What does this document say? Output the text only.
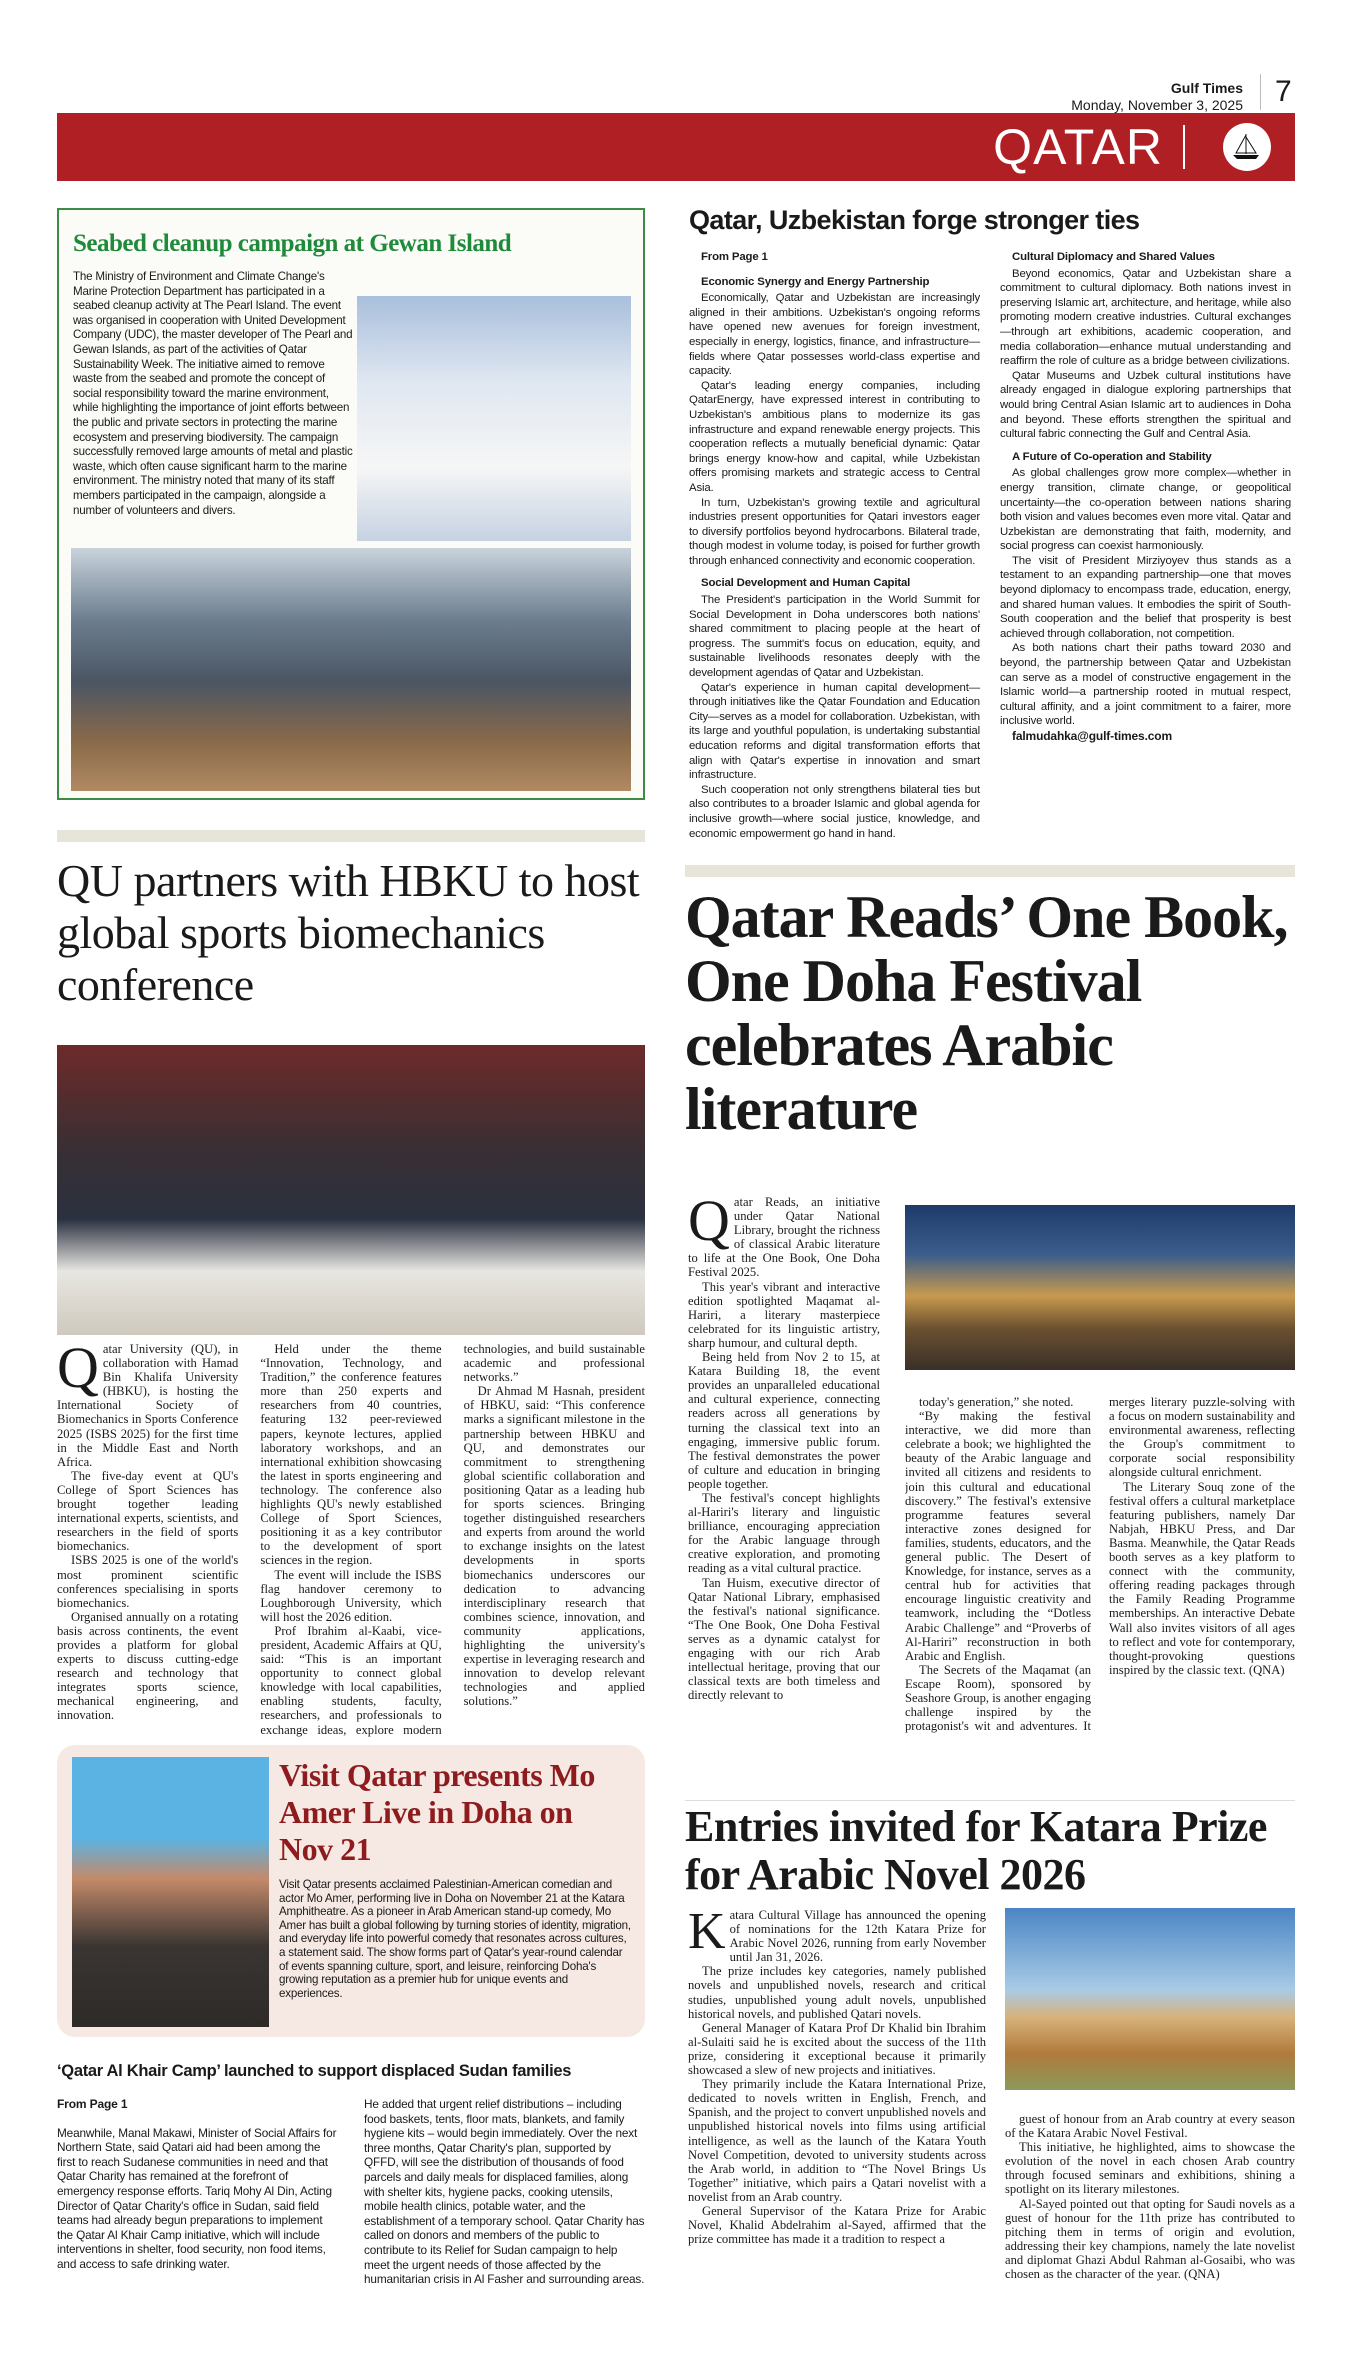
Gulf Times
Monday, November 3, 2025	7
QATAR
Seabed cleanup campaign at Gewan Island

The Ministry of Environment and Climate Change's Marine Protection Department has participated in a seabed cleanup activity at The Pearl Island. The event was organised in cooperation with United Development Company (UDC), the master developer of The Pearl and Gewan Islands, as part of the activities of Qatar Sustainability Week. The initiative aimed to remove waste from the seabed and promote the concept of social responsibility toward the marine environment, while highlighting the importance of joint efforts between the public and private sectors in protecting the marine ecosystem and preserving biodiversity. The campaign successfully removed large amounts of metal and plastic waste, which often cause significant harm to the marine environment. The ministry noted that many of its staff members participated in the campaign, alongside a number of volunteers and divers.

Qatar, Uzbekistan forge stronger ties
From Page 1
Economic Synergy and Energy Partnership

Economically, Qatar and Uzbekistan are increasingly aligned in their ambitions. Uzbekistan's ongoing reforms have opened new avenues for foreign investment, especially in energy, logistics, finance, and infrastructure—fields where Qatar possesses world-class expertise and capacity.

Qatar's leading energy companies, including QatarEnergy, have expressed interest in contributing to Uzbekistan's ambitious plans to modernize its gas infrastructure and expand renewable energy projects. This cooperation reflects a mutually beneficial dynamic: Qatar brings energy know-how and capital, while Uzbekistan offers promising markets and strategic access to Central Asia.

In turn, Uzbekistan's growing textile and agricultural industries present opportunities for Qatari investors eager to diversify portfolios beyond hydrocarbons. Bilateral trade, though modest in volume today, is poised for further growth through enhanced connectivity and economic cooperation.

Social Development and Human Capital

The President's participation in the World Summit for Social Development in Doha underscores both nations' shared commitment to placing people at the heart of progress. The summit's focus on education, equity, and sustainable livelihoods resonates deeply with the development agendas of Qatar and Uzbekistan.

Qatar's experience in human capital development—through initiatives like the Qatar Foundation and Education City—serves as a model for collaboration. Uzbekistan, with its large and youthful population, is undertaking substantial education reforms and digital transformation efforts that align with Qatar's expertise in innovation and smart infrastructure.

Such cooperation not only strengthens bilateral ties but also contributes to a broader Islamic and global agenda for inclusive growth—where social justice, knowledge, and economic empowerment go hand in hand.

Cultural Diplomacy and Shared Values

Beyond economics, Qatar and Uzbekistan share a commitment to cultural diplomacy. Both nations invest in preserving Islamic art, architecture, and heritage, while also promoting modern creative industries. Cultural exchanges—through art exhibitions, academic cooperation, and media collaboration—enhance mutual understanding and reaffirm the role of culture as a bridge between civilizations.

Qatar Museums and Uzbek cultural institutions have already engaged in dialogue exploring partnerships that would bring Central Asian Islamic art to audiences in Doha and beyond. These efforts strengthen the spiritual and cultural fabric connecting the Gulf and Central Asia.

A Future of Co-operation and Stability

As global challenges grow more complex—whether in energy transition, climate change, or geopolitical uncertainty—the co-operation between nations sharing both vision and values becomes even more vital. Qatar and Uzbekistan are demonstrating that faith, modernity, and social progress can coexist harmoniously.

The visit of President Mirziyoyev thus stands as a testament to an expanding partnership—one that moves beyond diplomacy to encompass trade, education, energy, and shared human values. It embodies the spirit of South-South cooperation and the belief that prosperity is best achieved through collaboration, not competition.

As both nations chart their paths toward 2030 and beyond, the partnership between Qatar and Uzbekistan can serve as a model of constructive engagement in the Islamic world—a partnership rooted in mutual respect, cultural affinity, and a joint commitment to a fairer, more inclusive world.

falmudahka@gulf-times.com
QU partners with HBKU to host global sports biomechanics conference

Qatar University (QU), in collaboration with Hamad Bin Khalifa University (HBKU), is hosting the International Society of Biomechanics in Sports Conference 2025 (ISBS 2025) for the first time in the Middle East and North Africa.

The five-day event at QU's College of Sport Sciences has brought together leading international experts, scientists, and researchers in the field of sports biomechanics.

ISBS 2025 is one of the world's most prominent scientific conferences specialising in sports biomechanics.

Organised annually on a rotating basis across continents, the event provides a platform for global experts to discuss cutting-edge research and technology that integrates sports science, mechanical engineering, and innovation.

Held under the theme “Innovation, Technology, and Tradition,” the conference features more than 250 experts and researchers from 40 countries, featuring 132 peer-reviewed papers, keynote lectures, applied laboratory workshops, and an international exhibition showcasing the latest in sports engineering and technology. The conference also highlights QU's newly established College of Sport Sciences, positioning it as a key contributor to the development of sport sciences in the region.

The event will include the ISBS flag handover ceremony to Loughborough University, which will host the 2026 edition.

Prof Ibrahim al-Kaabi, vice-president, Academic Affairs at QU, said: “This is an important opportunity to connect global knowledge with local capabilities, enabling students, faculty, researchers, and professionals to exchange ideas, explore modern technologies, and build sustainable academic and professional networks.”

Dr Ahmad M Hasnah, president of HBKU, said: “This conference marks a significant milestone in the partnership between HBKU and QU, and demonstrates our commitment to strengthening global scientific collaboration and positioning Qatar as a leading hub for sports sciences. Bringing together distinguished researchers and experts from around the world to exchange insights on the latest developments in sports biomechanics underscores our dedication to advancing interdisciplinary research that combines science, innovation, and community applications, highlighting the university's expertise in leveraging research and innovation to develop relevant technologies and applied solutions.”

Visit Qatar presents Mo Amer Live in Doha on Nov 21

Visit Qatar presents acclaimed Palestinian-American comedian and actor Mo Amer, performing live in Doha on November 21 at the Katara Amphitheatre. As a pioneer in Arab American stand-up comedy, Mo Amer has built a global following by turning stories of identity, migration, and everyday life into powerful comedy that resonates across cultures, a statement said. The show forms part of Qatar's year-round calendar of events spanning culture, sport, and leisure, reinforcing Doha's growing reputation as a premier hub for unique events and experiences.

‘Qatar Al Khair Camp’ launched to support displaced Sudan families
From Page 1

Meanwhile, Manal Makawi, Minister of Social Affairs for Northern State, said Qatari aid had been among the first to reach Sudanese communities in need and that Qatar Charity has remained at the forefront of emergency response efforts. Tariq Mohy Al Din, Acting Director of Qatar Charity's office in Sudan, said field teams had already begun preparations to implement the Qatar Al Khair Camp initiative, which will include interventions in shelter, food security, non food items, and access to safe drinking water.

He added that urgent relief distributions – including food baskets, tents, floor mats, blankets, and family hygiene kits – would begin immediately. Over the next three months, Qatar Charity's plan, supported by QFFD, will see the distribution of thousands of food parcels and daily meals for displaced families, along with shelter kits, hygiene packs, cooking utensils, mobile health clinics, potable water, and the establishment of a temporary school. Qatar Charity has called on donors and members of the public to contribute to its Relief for Sudan campaign to help meet the urgent needs of those affected by the humanitarian crisis in Al Fasher and surrounding areas.

Qatar Reads’ One Book, One Doha Festival celebrates Arabic literature

Qatar Reads, an initiative under Qatar National Library, brought the richness of classical Arabic literature to life at the One Book, One Doha Festival 2025.

This year's vibrant and interactive edition spotlighted Maqamat al-Hariri, a literary masterpiece celebrated for its linguistic artistry, sharp humour, and cultural depth.

Being held from Nov 2 to 15, at Katara Building 18, the event provides an unparalleled educational and cultural experience, connecting readers across all generations by turning the classical text into an engaging, immersive public forum. The festival demonstrates the power of culture and education in bringing people together.

The festival's concept highlights al-Hariri's literary and linguistic brilliance, encouraging appreciation for the Arabic language through creative exploration, and promoting reading as a vital cultural practice.

Tan Huism, executive director of Qatar National Library, emphasised the festival's national significance. “The One Book, One Doha Festival serves as a dynamic catalyst for engaging with our rich Arab intellectual heritage, proving that our classical texts are both timeless and directly relevant to

today's generation,” she noted.

“By making the festival interactive, we did more than celebrate a book; we highlighted the beauty of the Arabic language and invited all citizens and residents to join this cultural and educational discovery.” The festival's extensive programme features several interactive zones designed for families, students, educators, and the general public. The Desert of Knowledge, for instance, serves as a central hub for activities that encourage linguistic creativity and teamwork, including the “Dotless Arabic Challenge” and “Proverbs of Al-Hariri” reconstruction in both Arabic and English.

The Secrets of the Maqamat (an Escape Room), sponsored by Seashore Group, is another engaging challenge inspired by the protagonist's wit and adventures. It merges literary puzzle-solving with a focus on modern sustainability and environmental awareness, reflecting the Group's commitment to corporate social responsibility alongside cultural enrichment.

The Literary Souq zone of the festival offers a cultural marketplace featuring publishers, namely Dar Nabjah, HBKU Press, and Dar Basma. Meanwhile, the Qatar Reads booth serves as a key platform to connect with the community, offering reading packages through the Family Reading Programme memberships. An interactive Debate Wall also invites visitors of all ages to reflect and vote for contemporary, thought-provoking questions inspired by the classic text. (QNA)

Entries invited for Katara Prize for Arabic Novel 2026

Katara Cultural Village has announced the opening of nominations for the 12th Katara Prize for Arabic Novel 2026, running from early November until Jan 31, 2026.

The prize includes key categories, namely published novels and unpublished novels, research and critical studies, unpublished young adult novels, unpublished historical novels, and published Qatari novels.

General Manager of Katara Prof Dr Khalid bin Ibrahim al-Sulaiti said he is excited about the success of the 11th prize, considering it exceptional because it primarily showcased a slew of new projects and initiatives.

They primarily include the Katara International Prize, dedicated to novels written in English, French, and Spanish, and the project to convert unpublished novels and unpublished historical novels into films using artificial intelligence, as well as the launch of the Katara Youth Novel Competition, devoted to university students across the Arab world, in addition to “The Novel Brings Us Together” initiative, which pairs a Qatari novelist with a novelist from an Arab country.

General Supervisor of the Katara Prize for Arabic Novel, Khalid Abdelrahim al-Sayed, affirmed that the prize committee has made it a tradition to respect a

guest of honour from an Arab country at every season of the Katara Arabic Novel Festival.

This initiative, he highlighted, aims to showcase the evolution of the novel in each chosen Arab country through focused seminars and exhibitions, shining a spotlight on its literary milestones.

Al-Sayed pointed out that opting for Saudi novels as a guest of honour for the 11th prize has contributed to pitching them in terms of origin and evolution, addressing their key champions, namely the late novelist and diplomat Ghazi Abdul Rahman al-Gosaibi, who was chosen as the character of the year. (QNA)
